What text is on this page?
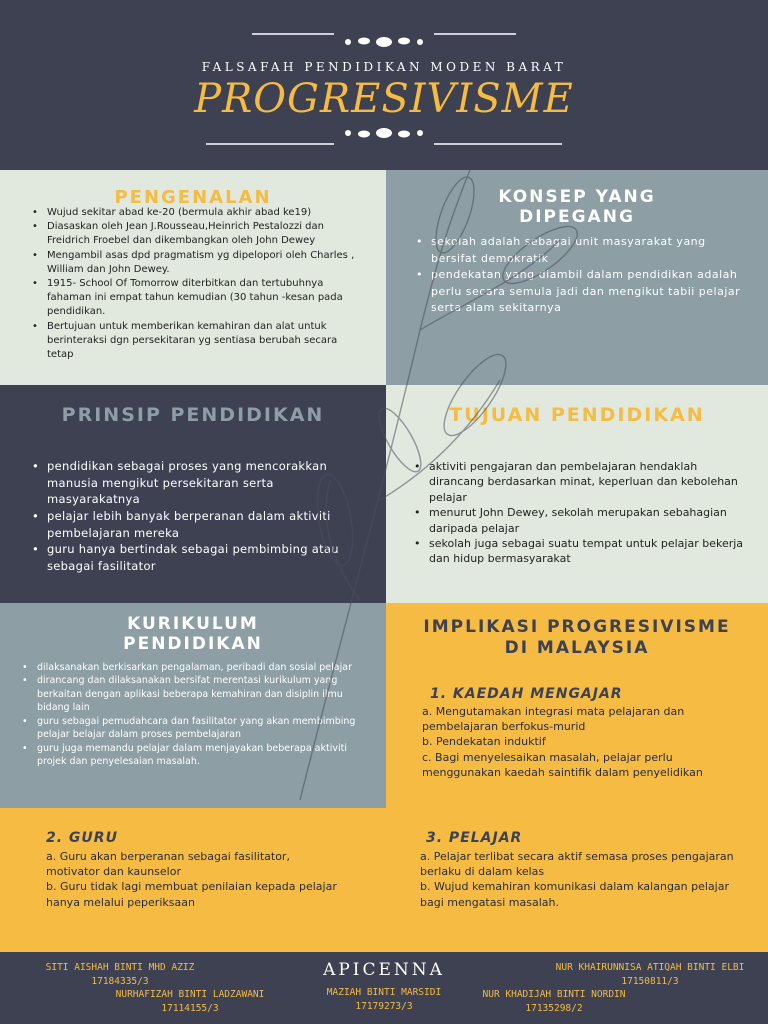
FALSAFAH PENDIDIKAN MODEN BARAT
PROGRESIVISME
PENGENALAN
• Wujud sekitar abad ke-20 (bermula akhir abad ke19)
• Diasaskan oleh Jean J.Rousseau,Heinrich Pestalozzi dan Freidrich Froebel dan dikembangkan oleh John Dewey
• Mengambil asas dpd pragmatism yg dipelopori oleh Charles , William dan John Dewey.
• 1915- School Of Tomorrow diterbitkan dan tertubuhnya fahaman ini empat tahun kemudian (30 tahun -kesan pada pendidikan.
• Bertujuan untuk memberikan kemahiran dan alat untuk berinteraksi dgn persekitaran yg sentiasa berubah secara tetap
KONSEP YANG DIPEGANG
• sekolah adalah sebagai unit masyarakat yang bersifat demokratik
• pendekatan yang diambil dalam pendidikan adalah perlu secara semula jadi dan mengikut tabii pelajar serta alam sekitarnya
PRINSIP PENDIDIKAN
• pendidikan sebagai proses yang mencorakkan manusia mengikut persekitaran serta masyarakatnya
• pelajar lebih banyak berperanan dalam aktiviti pembelajaran mereka
• guru hanya bertindak sebagai pembimbing atau sebagai fasilitator
TUJUAN PENDIDIKAN
• aktiviti pengajaran dan pembelajaran hendaklah dirancang berdasarkan minat, keperluan dan kebolehan pelajar
• menurut John Dewey, sekolah merupakan sebahagian daripada pelajar
• sekolah juga sebagai suatu tempat untuk pelajar bekerja dan hidup bermasyarakat
KURIKULUM PENDIDIKAN
• dilaksanakan berkisarkan pengalaman, peribadi dan sosial pelajar
• dirancang dan dilaksanakan bersifat merentasi kurikulum yang berkaitan dengan aplikasi beberapa kemahiran dan disiplin ilmu bidang lain
• guru sebagai pemudahcara dan fasilitator yang akan membimbing pelajar belajar dalam proses pembelajaran
• guru juga memandu pelajar dalam menjayakan beberapa aktiviti projek dan penyelesaian masalah.
IMPLIKASI PROGRESIVISME DI MALAYSIA
1. KAEDAH MENGAJAR
a. Mengutamakan integrasi mata pelajaran dan pembelajaran berfokus-murid
b. Pendekatan induktif
c. Bagi menyelesaikan masalah, pelajar perlu menggunakan kaedah saintifik dalam penyelidikan
2. GURU
a. Guru akan berperanan sebagai fasilitator, motivator dan kaunselor
b. Guru tidak lagi membuat penilaian kepada pelajar hanya melalui peperiksaan
3. PELAJAR
a. Pelajar terlibat secara aktif semasa proses pengajaran berlaku di dalam kelas
b. Wujud kemahiran komunikasi dalam kalangan pelajar bagi mengatasi masalah.
APICENNA
SITI AISHAH BINTI MHD AZIZ
17184335/3
NURHAFIZAH BINTI LADZAWANI
17114155/3
MAZIAH BINTI MARSIDI
17179273/3
NUR KHADIJAH BINTI NORDIN
17135298/2
NUR KHAIRUNNISA ATIQAH BINTI ELBI
17150811/3
